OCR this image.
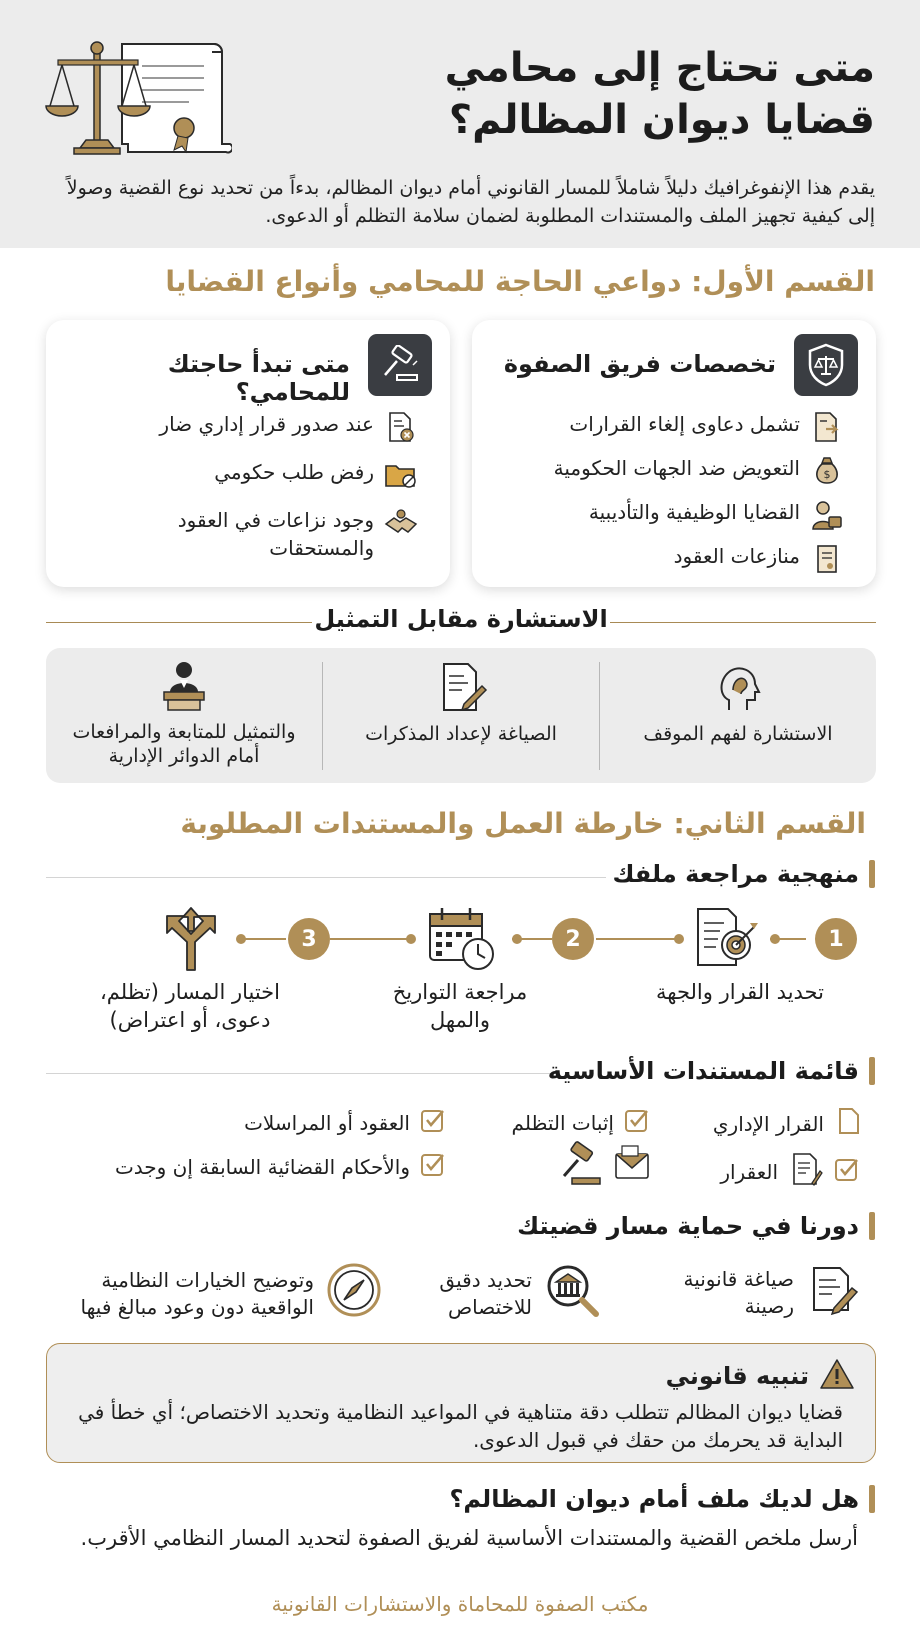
متى تحتاج إلى محامي
قضايا ديوان المظالم؟
يقدم هذا الإنفوغرافيك دليلاً شاملاً للمسار القانوني أمام ديوان المظالم، بدءاً من تحديد نوع القضية وصولاً إلى كيفية تجهيز الملف والمستندات المطلوبة لضمان سلامة التظلم أو الدعوى.
القسم الأول: دواعي الحاجة للمحامي وأنواع القضايا
تخصصات فريق الصفوة
تشمل دعاوى إلغاء القرارات
$
التعويض ضد الجهات الحكومية
القضايا الوظيفية والتأديبية
منازعات العقود
متى تبدأ حاجتك للمحامي؟
عند صدور قرار إداري ضار
رفض طلب حكومي
وجود نزاعات في العقود والمستحقات
الاستشارة مقابل التمثيل
الاستشارة لفهم الموقف
الصياغة لإعداد المذكرات
والتمثيل للمتابعة والمرافعات أمام الدوائر الإدارية
القسم الثاني: خارطة العمل والمستندات المطلوبة
منهجية مراجعة ملفك
1
تحديد القرار والجهة
2
مراجعة التواريخ والمهل
3
اختيار المسار (تظلم، دعوى، أو اعتراض)
قائمة المستندات الأساسية
القرار الإداري
إثبات التظلم
العقود أو المراسلات
العقرار
والأحكام القضائية السابقة إن وجدت
دورنا في حماية مسار قضيتك
صياغة قانونية رصينة
تحديد دقيق للاختصاص
وتوضيح الخيارات النظامية الواقعية دون وعود مبالغ فيها
تنبيه قانوني
قضايا ديوان المظالم تتطلب دقة متناهية في المواعيد النظامية وتحديد الاختصاص؛ أي خطأ في البداية قد يحرمك من حقك في قبول الدعوى.
هل لديك ملف أمام ديوان المظالم؟
أرسل ملخص القضية والمستندات الأساسية لفريق الصفوة لتحديد المسار النظامي الأقرب.
مكتب الصفوة للمحاماة والاستشارات القانونية
